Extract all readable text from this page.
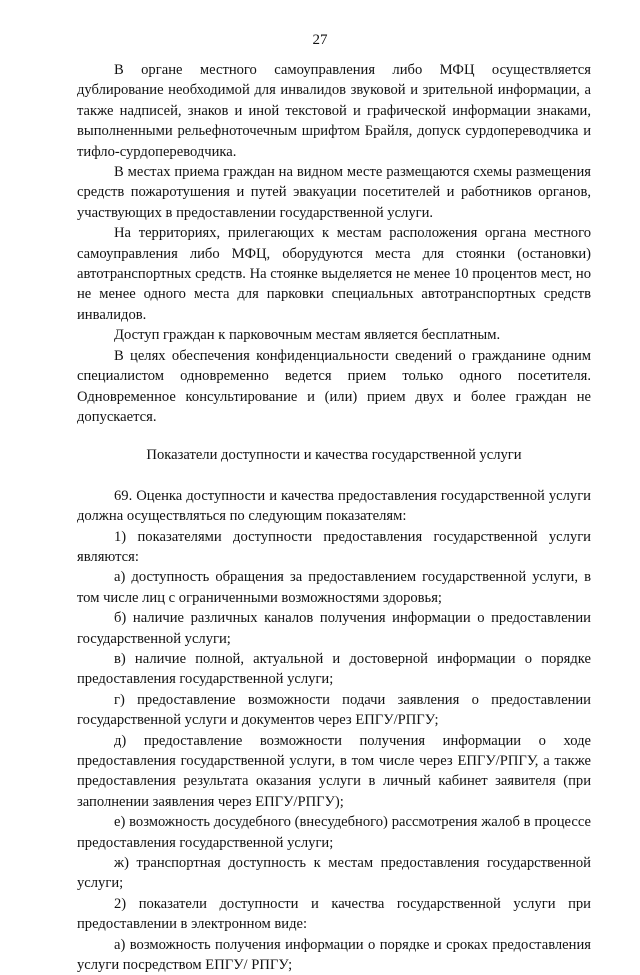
27

В органе местного самоуправления либо МФЦ осуществляется дублирование необходимой для инвалидов звуковой и зрительной информации, а также надписей, знаков и иной текстовой и графической информации знаками, выполненными рельефноточечным шрифтом Брайля, допуск сурдопереводчика и тифло-сурдопереводчика.

В местах приема граждан на видном месте размещаются схемы размещения средств пожаротушения и путей эвакуации посетителей и работников органов, участвующих в предоставлении государственной услуги.

На территориях, прилегающих к местам расположения органа местного самоуправления либо МФЦ, оборудуются места для стоянки (остановки) автотранспортных средств. На стоянке выделяется не менее 10 процентов мест, но не менее одного места для парковки специальных автотранспортных средств инвалидов.

Доступ граждан к парковочным местам является бесплатным.

В целях обеспечения конфиденциальности сведений о гражданине одним специалистом одновременно ведется прием только одного посетителя. Одновременное консультирование и (или) прием двух и более граждан не допускается.

Показатели доступности и качества государственной услуги

69. Оценка доступности и качества предоставления государственной услуги должна осуществляться по следующим показателям:

1) показателями доступности предоставления государственной услуги являются:

а) доступность обращения за предоставлением государственной услуги, в том числе лиц с ограниченными возможностями здоровья;

б) наличие различных каналов получения информации о предоставлении государственной услуги;

в) наличие полной, актуальной и достоверной информации о порядке предоставления государственной услуги;

г) предоставление возможности подачи заявления о предоставлении государственной услуги и документов через ЕПГУ/РПГУ;

д) предоставление возможности получения информации о ходе предоставления государственной услуги, в том числе через ЕПГУ/РПГУ, а также предоставления результата оказания услуги в личный кабинет заявителя (при заполнении заявления через ЕПГУ/РПГУ);

е) возможность досудебного (внесудебного) рассмотрения жалоб в процессе предоставления государственной услуги;

ж) транспортная доступность к местам предоставления государственной услуги;

2) показатели доступности и качества государственной услуги при предоставлении в электронном виде:

а) возможность получения информации о порядке и сроках предоставления услуги посредством ЕПГУ/ РПГУ;
